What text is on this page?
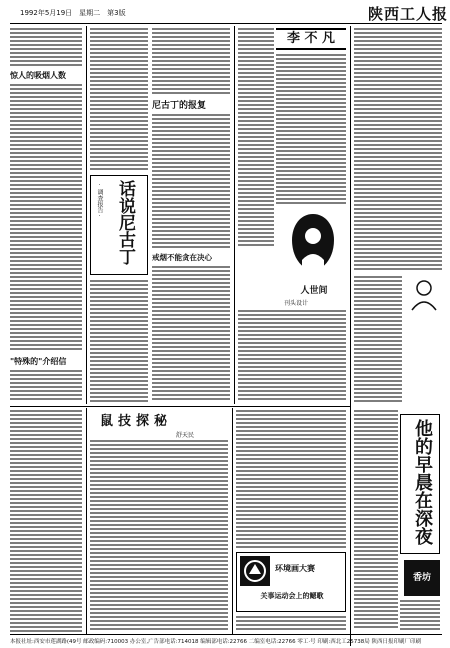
1992年5月19日　星期二　第3版	陕西工人报
惊人的吸烟人数
"特殊的"介绍信
话说尼古丁
·调查报告·
尼古丁的报复
戒烟不能贪在决心
李 不 凡
人世间
刊头设计
鼠技探秘
舒天民
环境画大赛
关事运动会上的鳃歌
他的早晨在深夜
香坊
本报社址:西安市莲湖路(49号 邮政编码:710003 办公室,广告部电话:714018 编辑部电话:22766 二编室电话:22766 零工·号 印刷:西北工25738局 陕西日报印刷厂印刷
